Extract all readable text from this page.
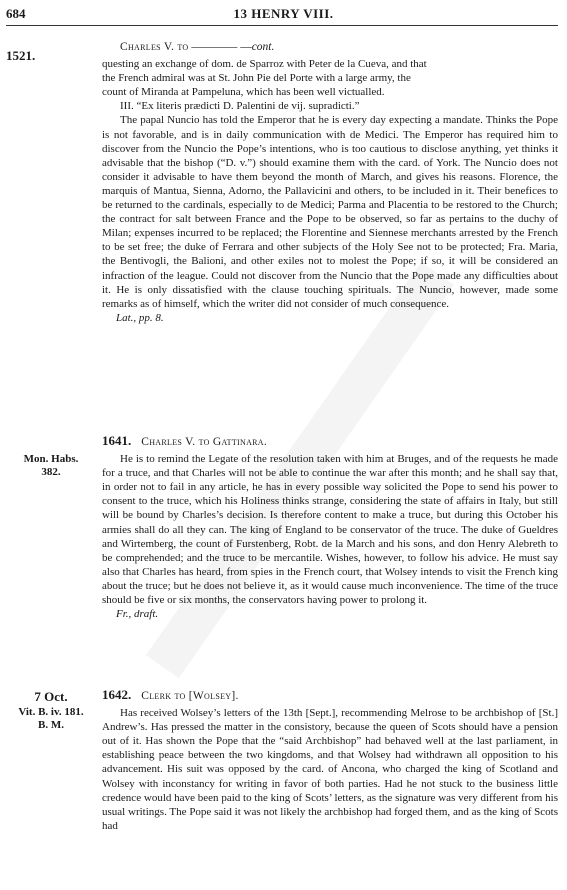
684	13 HENRY VIII.
1521.

Charles V. to ———— —cont.

questing an exchange of dom. de Sparroz with Peter de la Cueva, and that

the French admiral was at St. John Pie del Porte with a large army, the

count of Miranda at Pampeluna, which has been well victualled.

III. “Ex literis prædicti D. Palentini de vij. supradicti.”

The papal Nuncio has told the Emperor that he is every day expecting a mandate. Thinks the Pope is not favorable, and is in daily communication with de Medici. The Emperor has required him to discover from the Nuncio the Pope’s intentions, who is too cautious to disclose anything, yet thinks it advisable that the bishop (“D. v.”) should examine them with the card. of York. The Nuncio does not consider it advisable to have them beyond the month of March, and gives his reasons. Florence, the marquis of Mantua, Sienna, Adorno, the Pallavicini and others, to be included in it. Their benefices to be returned to the cardinals, especially to de Medici; Parma and Placentia to be restored to the Church; the contract for salt between France and the Pope to be observed, so far as pertains to the duchy of Milan; expenses incurred to be replaced; the Florentine and Siennese merchants arrested by the French to be set free; the duke of Ferrara and other subjects of the Holy See not to be protected; Fra. Maria, the Bentivogli, the Balioni, and other exiles not to molest the Pope; if so, it will be considered an infraction of the league. Could not discover from the Nuncio that the Pope made any difficulties about it. He is only dissatisfied with the clause touching spirituals. The Nuncio, however, made some remarks as of himself, which the writer did not consider of much consequence.

Lat., pp. 8.

Mon. Habs.
382.

1641. Charles V. to Gattinara.

He is to remind the Legate of the resolution taken with him at Bruges, and of the requests he made for a truce, and that Charles will not be able to continue the war after this month; and he shall say that, in order not to fail in any article, he has in every possible way solicited the Pope to send his power to consent to the truce, which his Holiness thinks strange, considering the state of affairs in Italy, but still will be bound by Charles’s decision. Is therefore content to make a truce, but during this October his armies shall do all they can. The king of England to be conservator of the truce. The duke of Gueldres and Wirtemberg, the count of Furstenberg, Robt. de la March and his sons, and don Henry Alebreth to be comprehended; and the truce to be mercantile. Wishes, however, to follow his advice. He must say also that Charles has heard, from spies in the French court, that Wolsey intends to visit the French king about the truce; but he does not believe it, as it would cause much inconvenience. The time of the truce should be five or six months, the conservators having power to prolong it.

Fr., draft.

7 Oct.
Vit. B. iv. 181.
B. M.

1642. Clerk to [Wolsey].

Has received Wolsey’s letters of the 13th [Sept.], recommending Melrose to be archbishop of [St.] Andrew’s. Has pressed the matter in the consistory, because the queen of Scots should have a pension out of it. Has shown the Pope that the “said Archbishop” had behaved well at the last parliament, in establishing peace between the two kingdoms, and that Wolsey had withdrawn all opposition to his advancement. His suit was opposed by the card. of Ancona, who charged the king of Scotland and Wolsey with inconstancy for writing in favor of both parties. Had he not stuck to the business little credence would have been paid to the king of Scots’ letters, as the signature was very different from his usual writings. The Pope said it was not likely the archbishop had forged them, and as the king of Scots had
